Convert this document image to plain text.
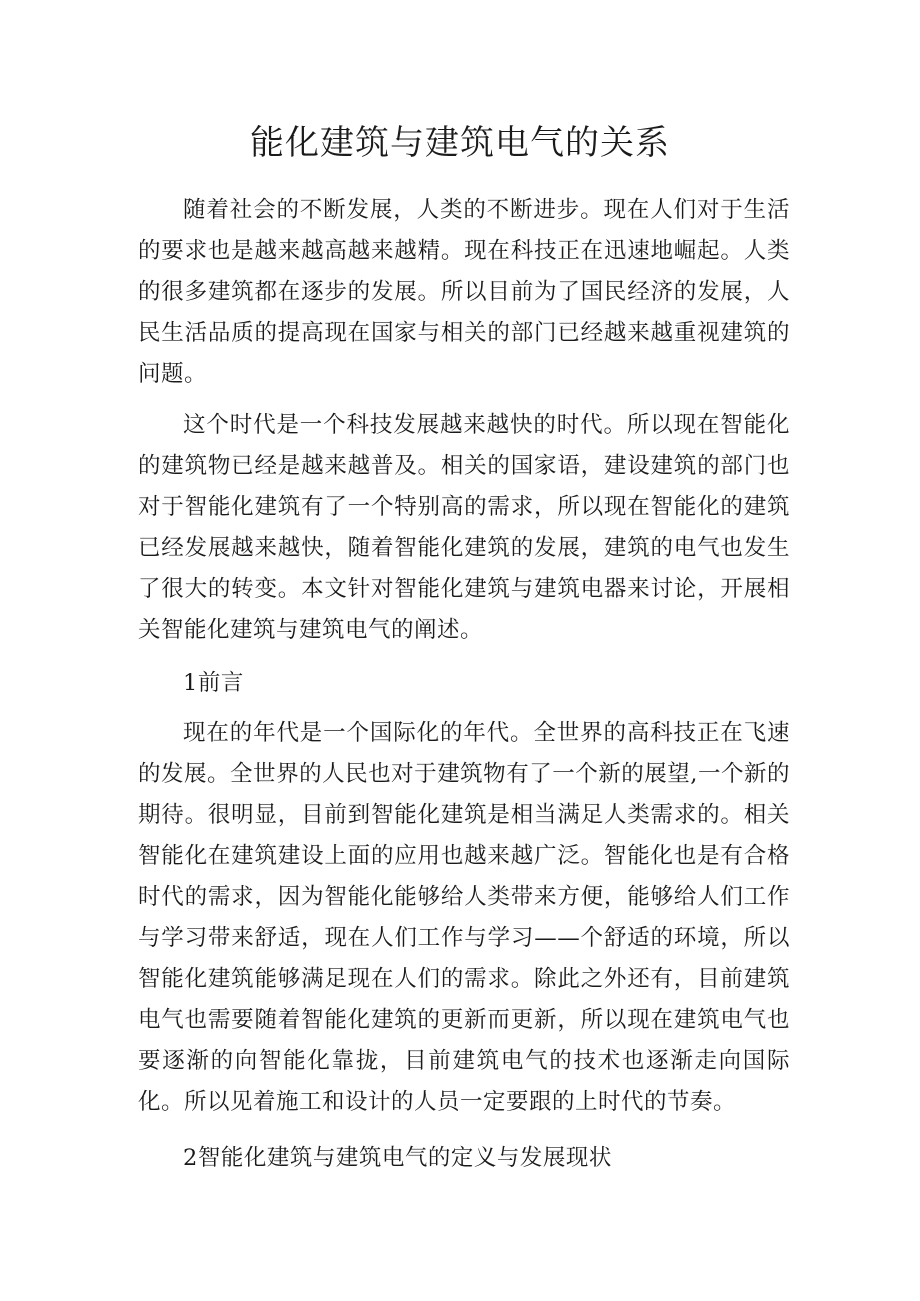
能化建筑与建筑电气的关系

随着社会的不断发展，人类的不断进步。现在人们对于生活的要求也是越来越高越来越精。现在科技正在迅速地崛起。人类的很多建筑都在逐步的发展。所以目前为了国民经济的发展，人民生活品质的提高现在国家与相关的部门已经越来越重视建筑的问题。

这个时代是一个科技发展越来越快的时代。所以现在智能化的建筑物已经是越来越普及。相关的国家语，建设建筑的部门也对于智能化建筑有了一个特别高的需求，所以现在智能化的建筑已经发展越来越快，随着智能化建筑的发展，建筑的电气也发生了很大的转变。本文针对智能化建筑与建筑电器来讨论，开展相关智能化建筑与建筑电气的阐述。

1前言

现在的年代是一个国际化的年代。全世界的高科技正在飞速的发展。全世界的人民也对于建筑物有了一个新的展望,一个新的期待。很明显，目前到智能化建筑是相当满足人类需求的。相关智能化在建筑建设上面的应用也越来越广泛。智能化也是有合格时代的需求，因为智能化能够给人类带来方便，能够给人们工作与学习带来舒适，现在人们工作与学习——个舒适的环境，所以智能化建筑能够满足现在人们的需求。除此之外还有，目前建筑电气也需要随着智能化建筑的更新而更新，所以现在建筑电气也要逐渐的向智能化靠拢，目前建筑电气的技术也逐渐走向国际化。所以见着施工和设计的人员一定要跟的上时代的节奏。

2智能化建筑与建筑电气的定义与发展现状
